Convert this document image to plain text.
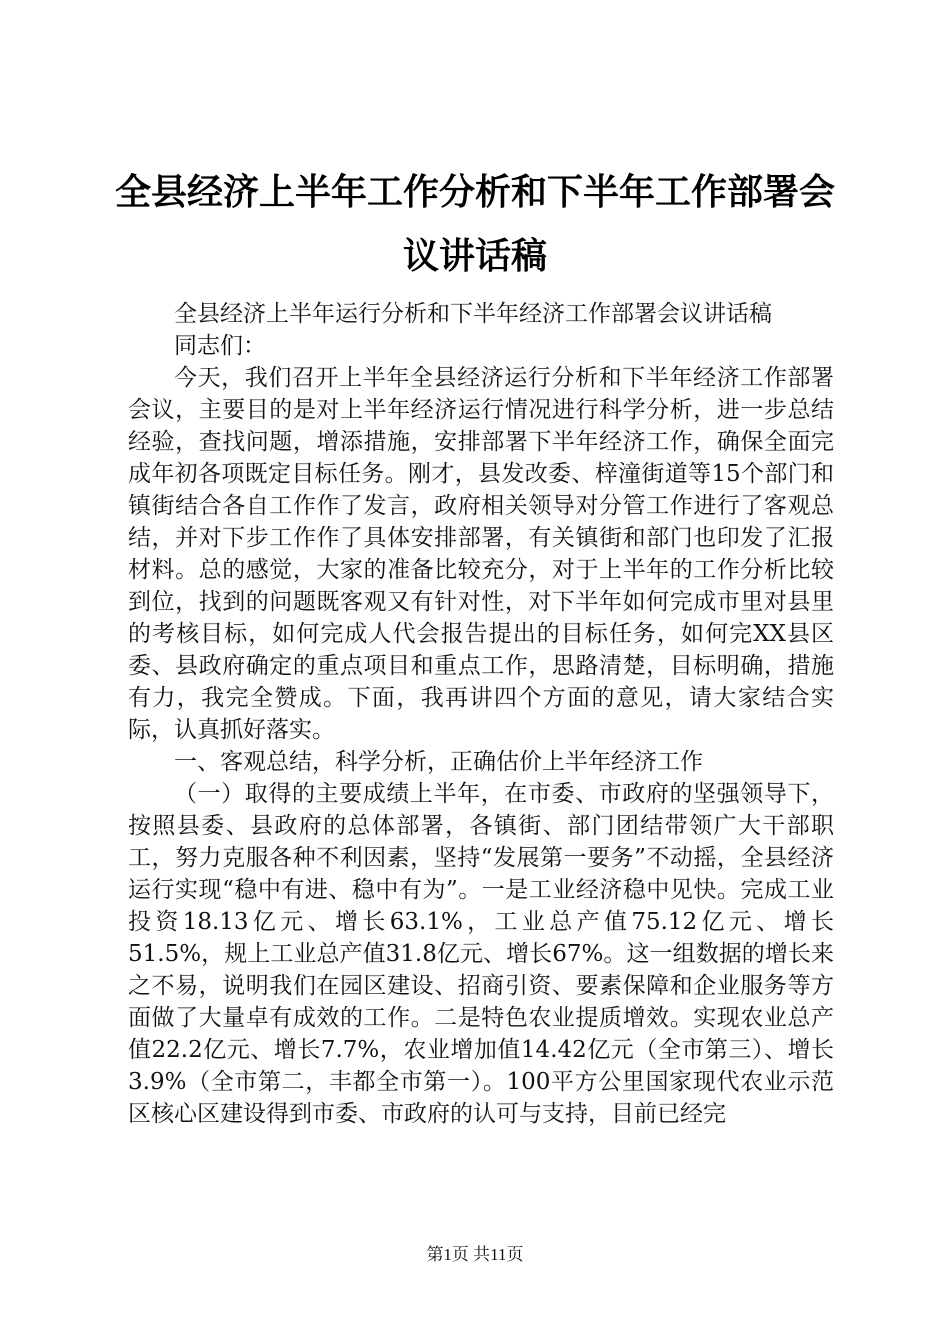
全县经济上半年工作分析和下半年工作部署会议讲话稿

全县经济上半年运行分析和下半年经济工作部署会议讲话稿

同志们：

今天，我们召开上半年全县经济运行分析和下半年经济工作部署会议，主要目的是对上半年经济运行情况进行科学分析，进一步总结经验，查找问题，增添措施，安排部署下半年经济工作，确保全面完成年初各项既定目标任务。刚才，县发改委、梓潼街道等15个部门和镇街结合各自工作作了发言，政府相关领导对分管工作进行了客观总结，并对下步工作作了具体安排部署，有关镇街和部门也印发了汇报材料。总的感觉，大家的准备比较充分，对于上半年的工作分析比较到位，找到的问题既客观又有针对性，对下半年如何完成市里对县里的考核目标，如何完成人代会报告提出的目标任务，如何完XX县区委、县政府确定的重点项目和重点工作，思路清楚，目标明确，措施有力，我完全赞成。下面，我再讲四个方面的意见，请大家结合实际，认真抓好落实。

一、客观总结，科学分析，正确估价上半年经济工作

（一）取得的主要成绩上半年，在市委、市政府的坚强领导下，按照县委、县政府的总体部署，各镇街、部门团结带领广大干部职工，努力克服各种不利因素，坚持“发展第一要务”不动摇，全县经济运行实现“稳中有进、稳中有为”。一是工业经济稳中见快。完成工业投资18.13亿元、增长63.1%，工业总产值75.12亿元、增长51.5%，规上工业总产值31.8亿元、增长67%。这一组数据的增长来之不易，说明我们在园区建设、招商引资、要素保障和企业服务等方面做了大量卓有成效的工作。二是特色农业提质增效。实现农业总产值22.2亿元、增长7.7%，农业增加值14.42亿元（全市第三）、增长3.9%（全市第二，丰都全市第一）。100平方公里国家现代农业示范区核心区建设得到市委、市政府的认可与支持，目前已经完

第1页 共11页
